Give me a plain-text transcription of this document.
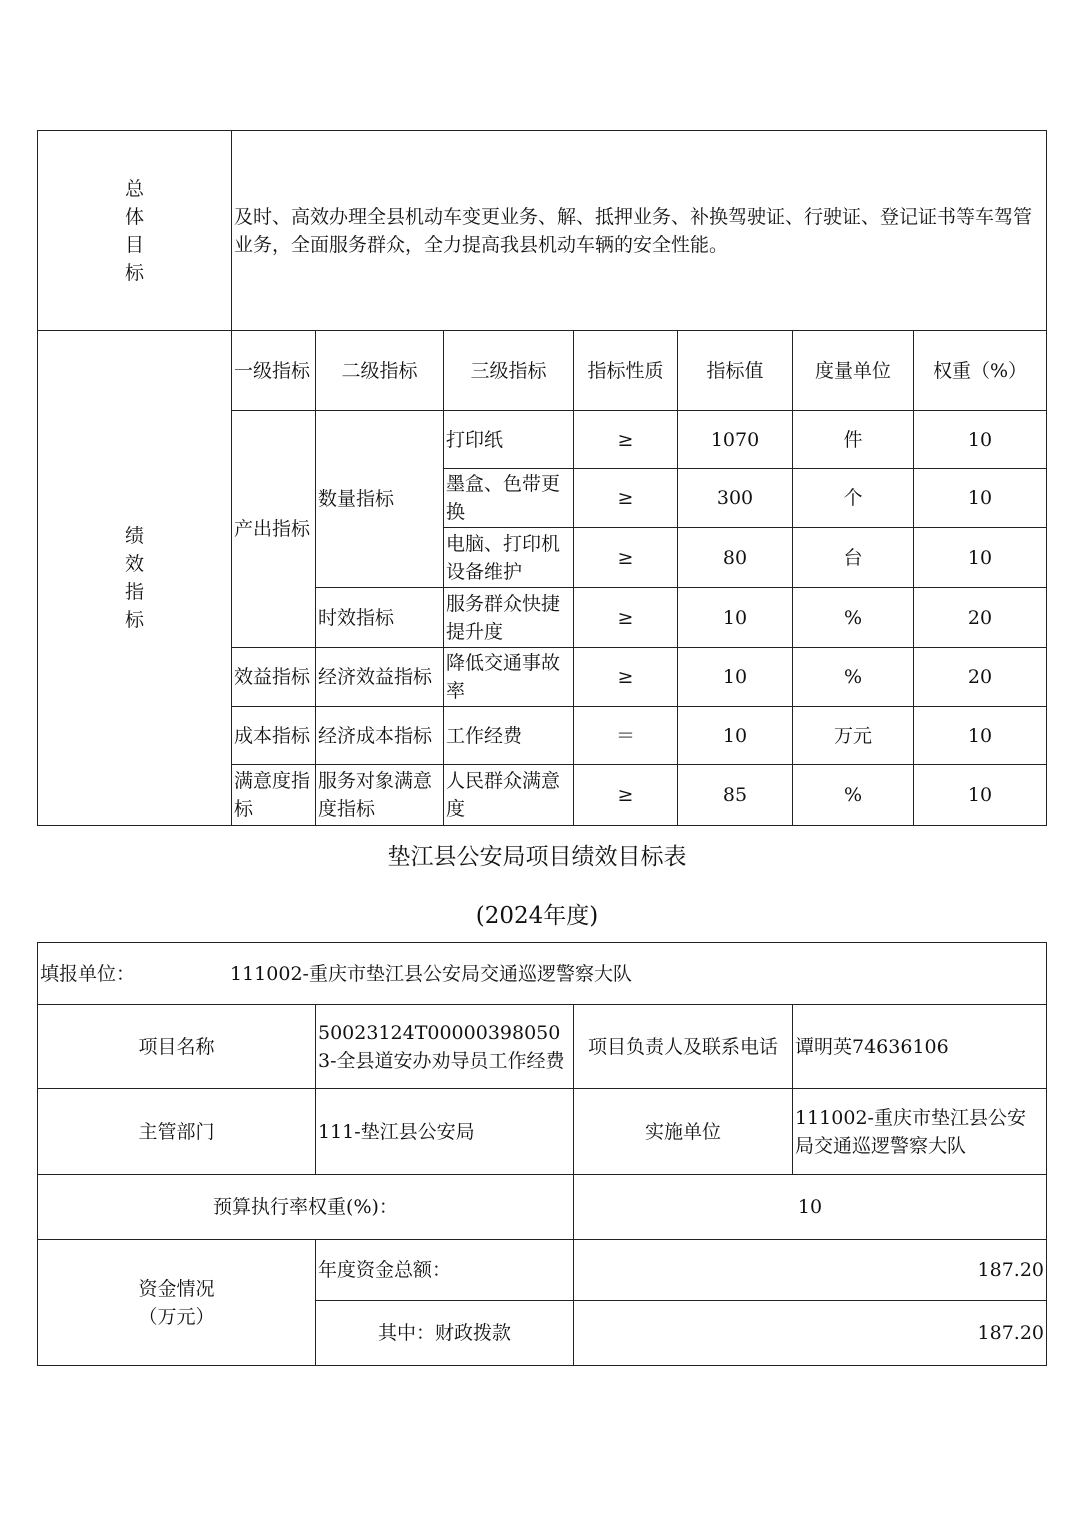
总
体
目
标	及时、高效办理全县机动车变更业务、解、抵押业务、补换驾驶证、行驶证、登记证书等车驾管业务，全面服务群众，全力提高我县机动车辆的安全性能。						

绩
效
指
标	一级指标	二级指标	三级指标	指标性质	指标值	度量单位	权重（%）
	产出指标	数量指标	打印纸	≥	1070	件	10
			墨盒、色带更换	≥	300	个	10
			电脑、打印机设备维护	≥	80	台	10
		时效指标	服务群众快捷提升度	≥	10	%	20
	效益指标	经济效益指标	降低交通事故率	≥	10	%	20
	成本指标	经济成本指标	工作经费	＝	10	万元	10
	满意度指标	服务对象满意度指标	人民群众满意度	≥	85	%	10
垫江县公安局项目绩效目标表
(2024年度)
填报单位： 111002-重庆市垫江县公安局交通巡逻警察大队			
项目名称	50023124T000003980503-全县道安办劝导员工作经费	项目负责人及联系电话	谭明英74636106
主管部门	111-垫江县公安局	实施单位	111002-重庆市垫江县公安局交通巡逻警察大队
预算执行率权重(%)：		10	

资金情况
（万元）	年度资金总额：	187.20	
	其中：财政拨款	187.20	
